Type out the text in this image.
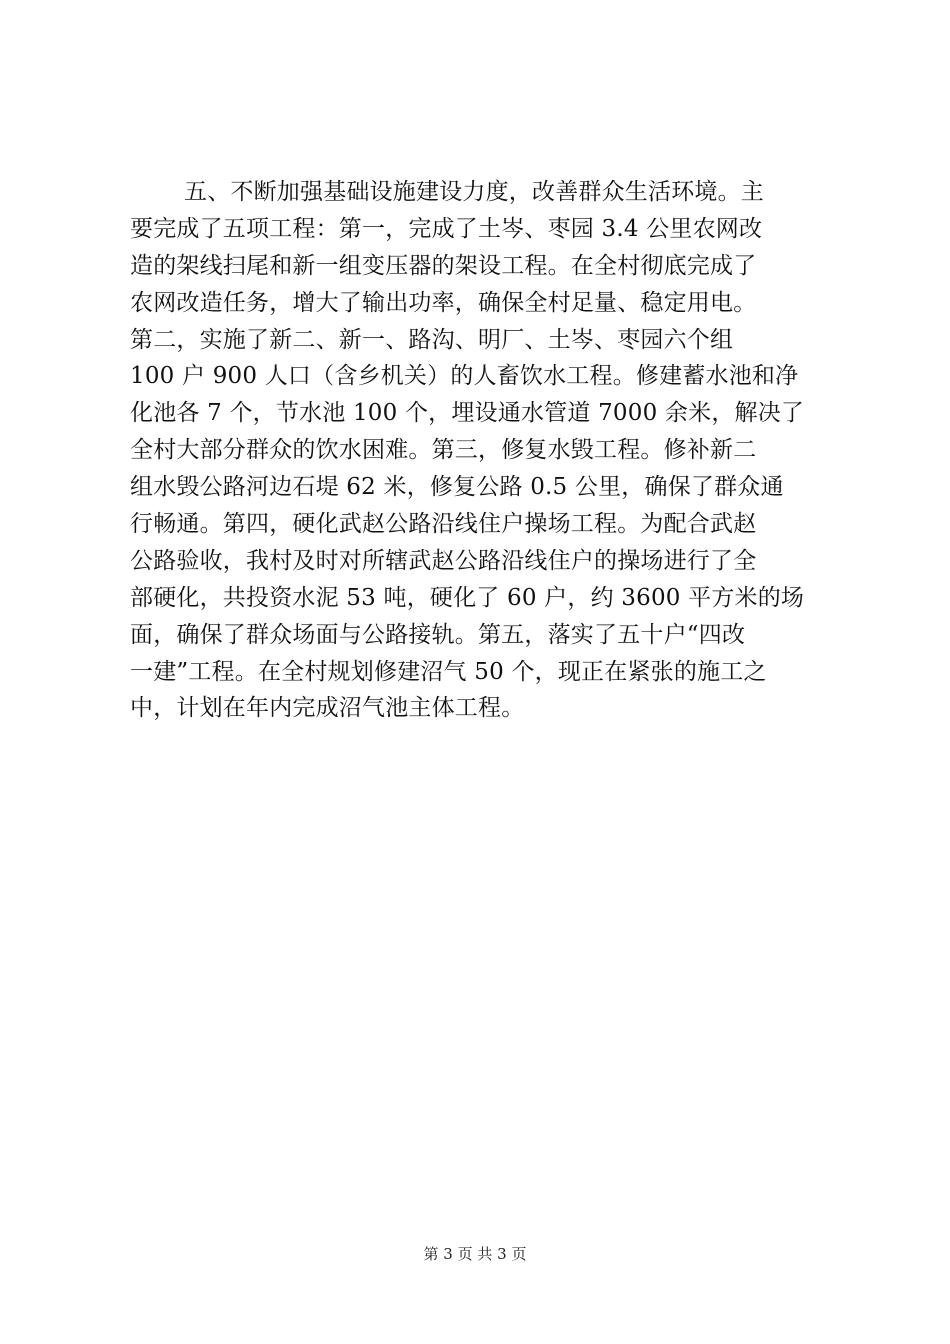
五、不断加强基础设施建设力度，改善群众生活环境。主
要完成了五项工程：第一，完成了土岑、枣园 3.4 公里农网改
造的架线扫尾和新一组变压器的架设工程。在全村彻底完成了
农网改造任务，增大了输出功率，确保全村足量、稳定用电。
第二，实施了新二、新一、路沟、明厂、土岑、枣园六个组
100 户 900 人口（含乡机关）的人畜饮水工程。修建蓄水池和净
化池各 7 个，节水池 100 个，埋设通水管道 7000 余米，解决了
全村大部分群众的饮水困难。第三，修复水毁工程。修补新二
组水毁公路河边石堤 62 米，修复公路 0.5 公里，确保了群众通
行畅通。第四，硬化武赵公路沿线住户操场工程。为配合武赵
公路验收，我村及时对所辖武赵公路沿线住户的操场进行了全
部硬化，共投资水泥 53 吨，硬化了 60 户，约 3600 平方米的场
面，确保了群众场面与公路接轨。第五，落实了五十户“四改
一建”工程。在全村规划修建沼气 50 个，现正在紧张的施工之
中，计划在年内完成沼气池主体工程。
第 3 页 共 3 页
